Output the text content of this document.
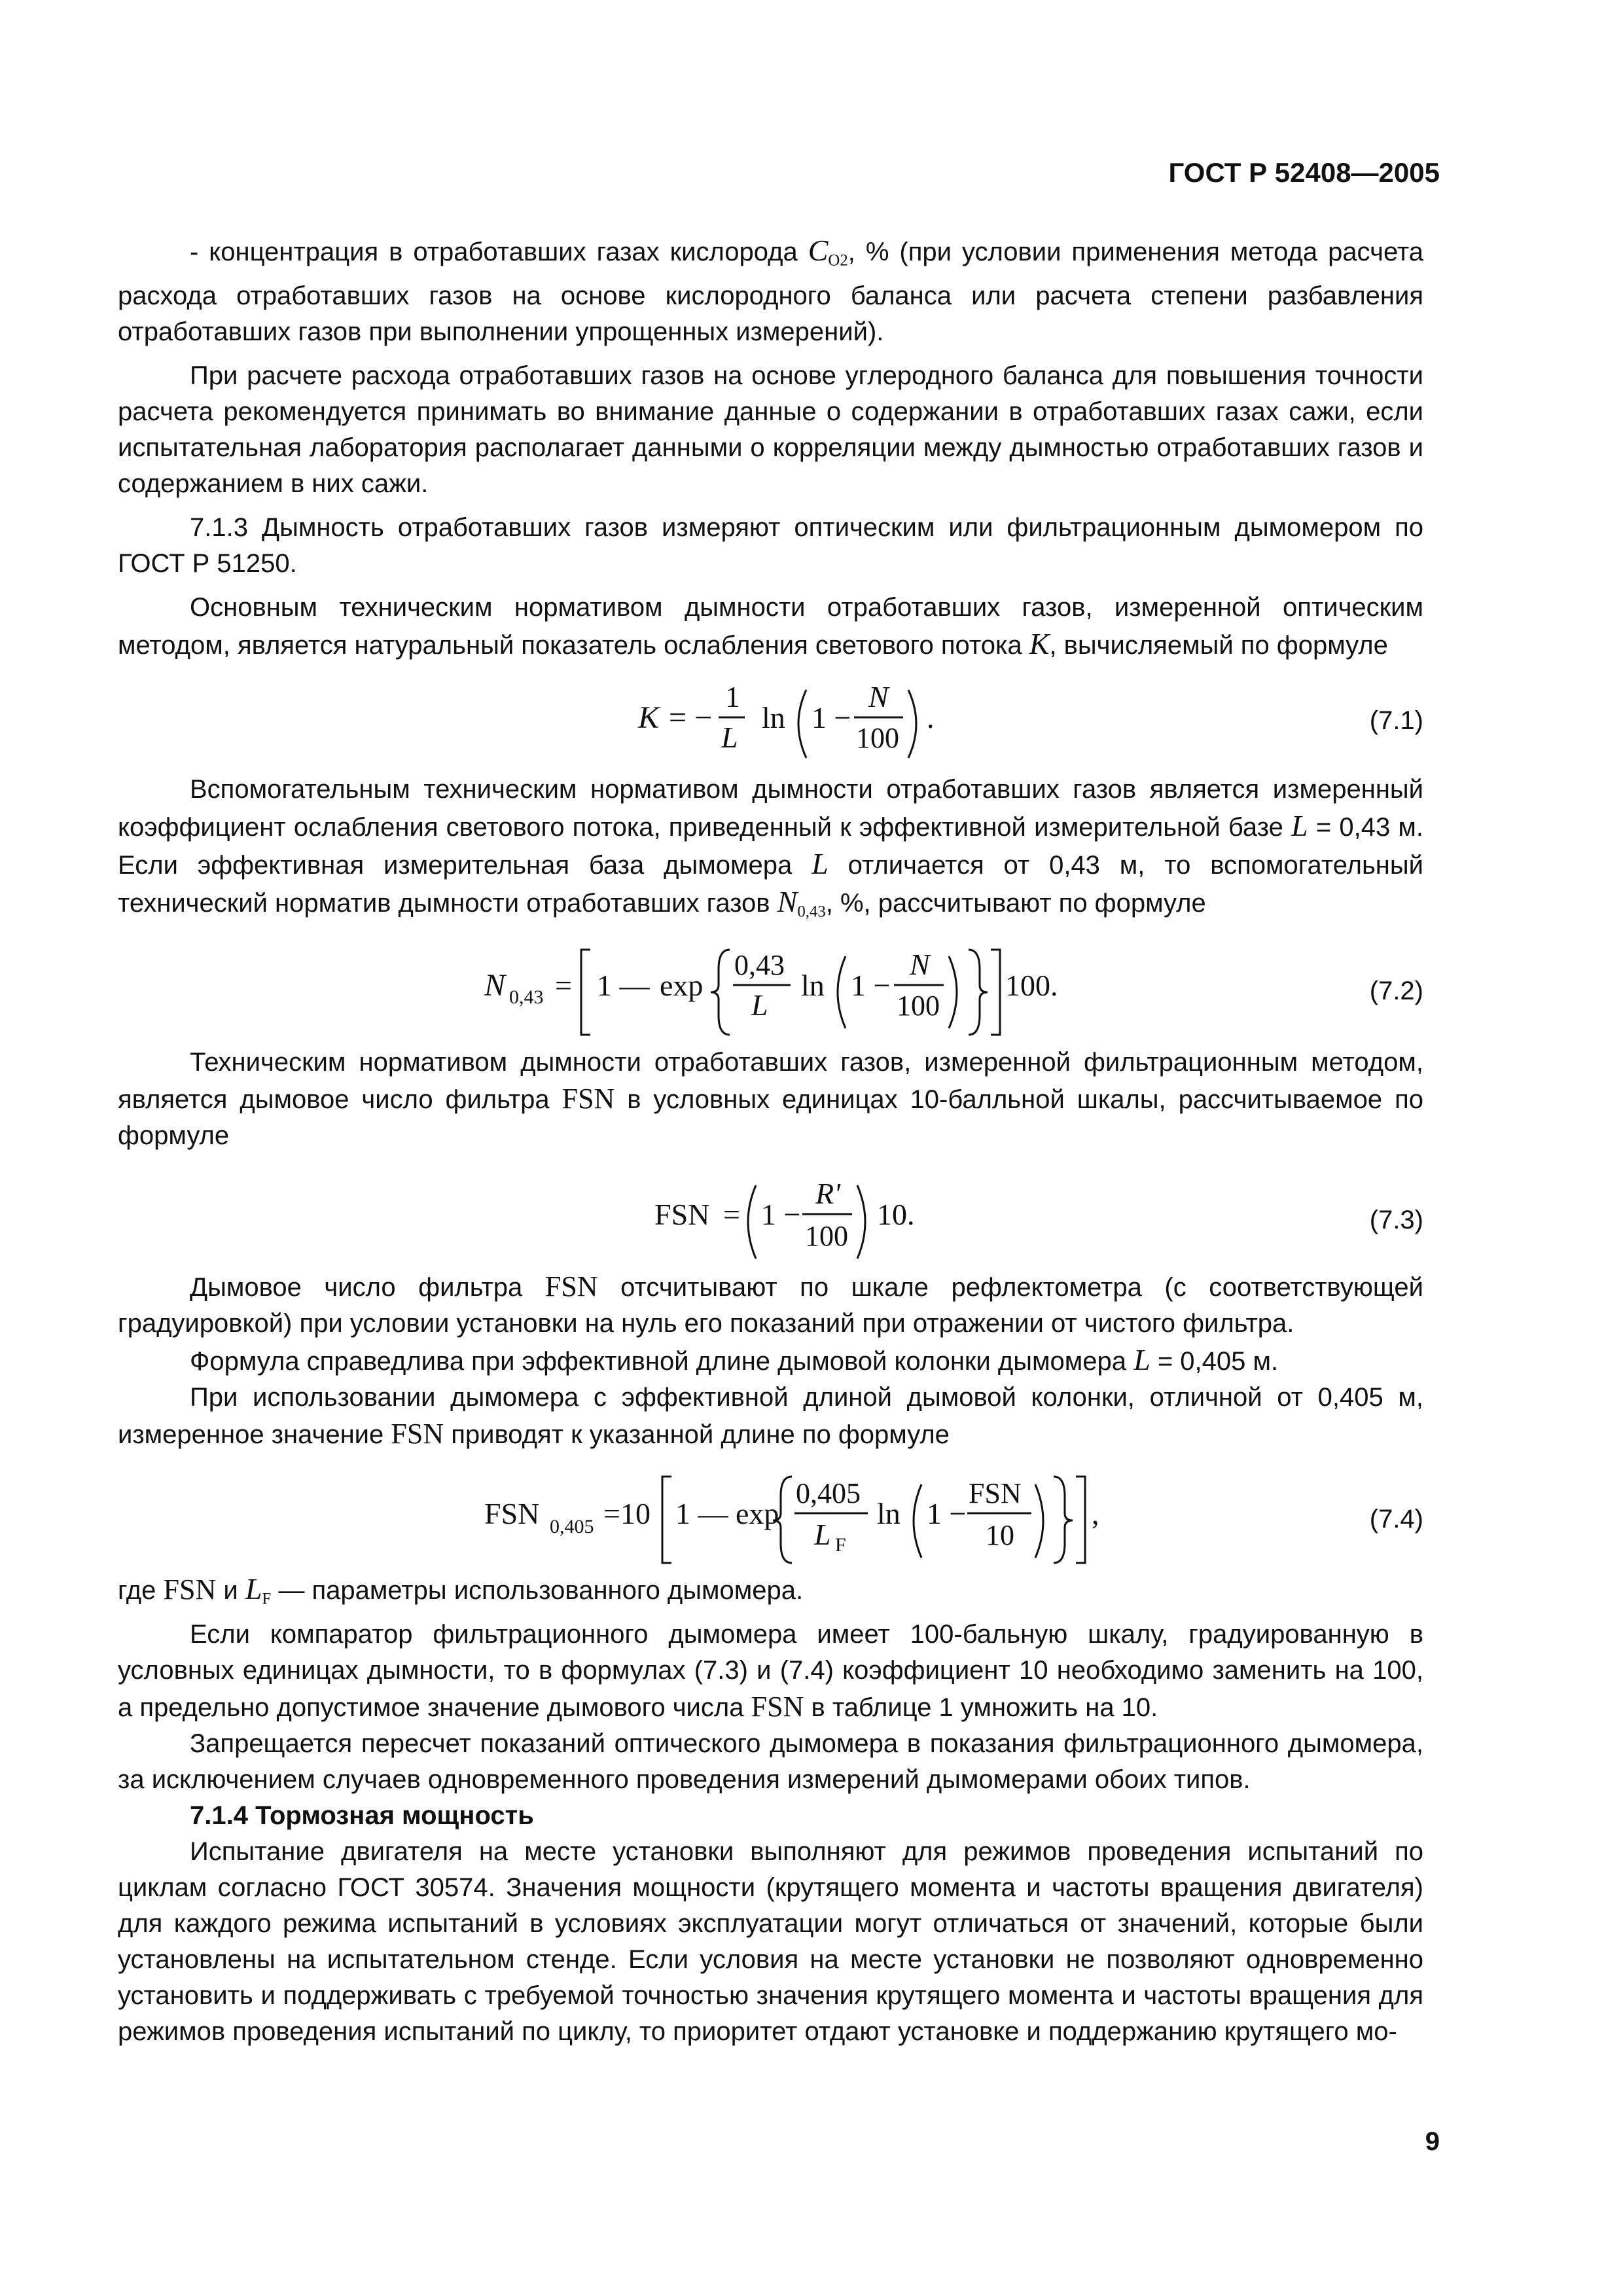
ГОСТ Р 52408—2005

- концентрация в отработавших газах кислорода $C_{O2}$, % (при условии применения метода расчета расхода отработавших газов на основе кислородного баланса или расчета степени разбавления отработавших газов при выполнении упрощенных измерений).

При расчете расхода отработавших газов на основе углеродного баланса для повышения точности расчета рекомендуется принимать во внимание данные о содержании в отработавших газах сажи, если испытательная лаборатория располагает данными о корреляции между дымностью отработавших газов и содержанием в них сажи.

7.1.3 Дымность отработавших газов измеряют оптическим или фильтрационным дымомером по ГОСТ Р 51250.

Основным техническим нормативом дымности отработавших газов, измеренной оптическим методом, является натуральный показатель ослабления светового потока K, вычисляемый по формуле

K = −
1
L
ln 1 −
N
100
.	(7.1)

Вспомогательным техническим нормативом дымности отработавших газов является измеренный коэффициент ослабления светового потока, приведенный к эффективной измерительной базе L = 0,43 м. Если эффективная измерительная база дымомера L отличается от 0,43 м, то вспомогательный технический норматив дымности отработавших газов $N_{0,43}$, %, рассчитывают по формуле

N 0,43 = 1 — exp
0,43
L
ln 1 −
N
100
100.	(7.2)

Техническим нормативом дымности отработавших газов, измеренной фильтрационным методом, является дымовое число фильтра FSN в условных единицах 10-балльной шкалы, рассчитываемое по формуле

FSN = 1 −
R'
100
10.	(7.3)

Дымовое число фильтра FSN отсчитывают по шкале рефлектометра (с соответствующей градуировкой) при условии установки на нуль его показаний при отражении от чистого фильтра.

Формула справедлива при эффективной длине дымовой колонки дымомера L = 0,405 м.

При использовании дымомера с эффективной длиной дымовой колонки, отличной от 0,405 м, измеренное значение FSN приводят к указанной длине по формуле

FSN 0,405 =10 1 — exp
0,405
L F
ln 1 −
FSN
10
,	(7.4)

где FSN и $L_F$ — параметры использованного дымомера.

Если компаратор фильтрационного дымомера имеет 100-бальную шкалу, градуированную в условных единицах дымности, то в формулах (7.3) и (7.4) коэффициент 10 необходимо заменить на 100, а предельно допустимое значение дымового числа FSN в таблице 1 умножить на 10.

Запрещается пересчет показаний оптического дымомера в показания фильтрационного дымомера, за исключением случаев одновременного проведения измерений дымомерами обоих типов.

7.1.4 Тормозная мощность

Испытание двигателя на месте установки выполняют для режимов проведения испытаний по циклам согласно ГОСТ 30574. Значения мощности (крутящего момента и частоты вращения двигателя) для каждого режима испытаний в условиях эксплуатации могут отличаться от значений, которые были установлены на испытательном стенде. Если условия на месте установки не позволяют одновременно установить и поддерживать с требуемой точностью значения крутящего момента и частоты вращения для режимов проведения испытаний по циклу, то приоритет отдают установке и поддержанию крутящего мо-

9
